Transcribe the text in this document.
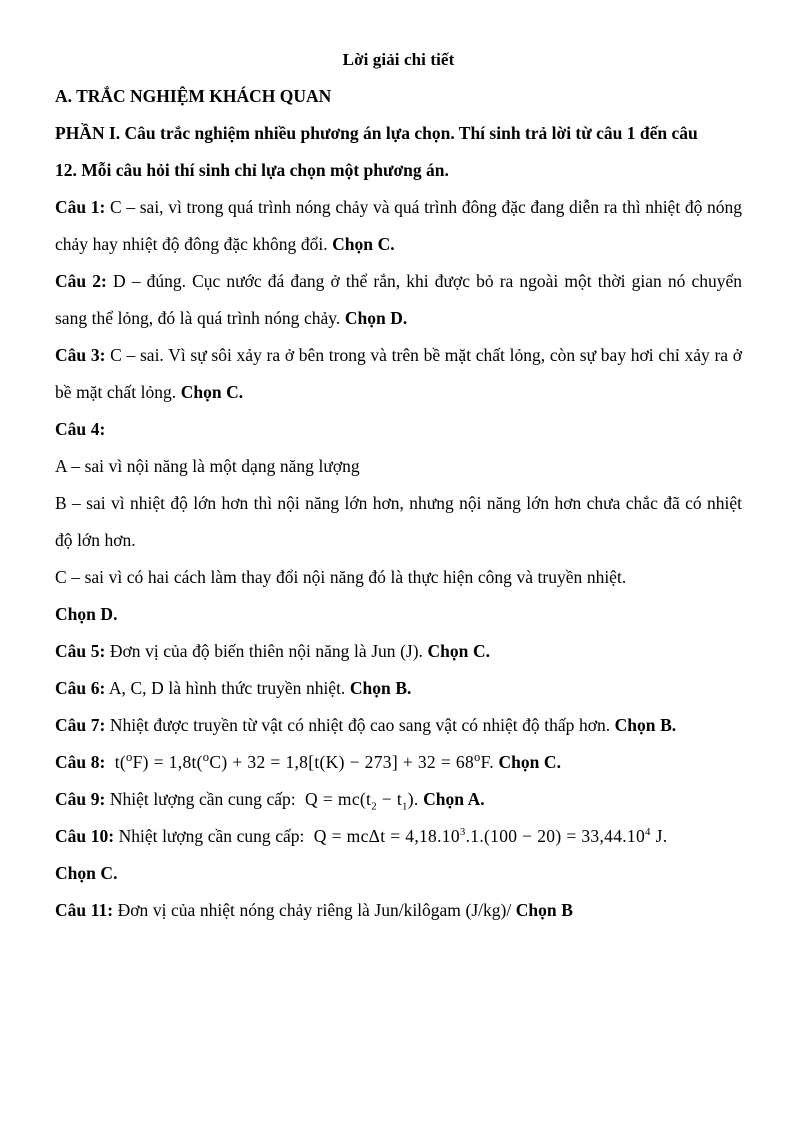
Lời giải chi tiết
A. TRẮC NGHIỆM KHÁCH QUAN
PHẦN I. Câu trắc nghiệm nhiều phương án lựa chọn. Thí sinh trả lời từ câu 1 đến câu 12. Mỗi câu hỏi thí sinh chỉ lựa chọn một phương án.

Câu 1: C – sai, vì trong quá trình nóng chảy và quá trình đông đặc đang diễn ra thì nhiệt độ nóng chảy hay nhiệt độ đông đặc không đổi. Chọn C.

Câu 2: D – đúng. Cục nước đá đang ở thể rắn, khi được bỏ ra ngoài một thời gian nó chuyển sang thể lỏng, đó là quá trình nóng chảy. Chọn D.

Câu 3: C – sai. Vì sự sôi xảy ra ở bên trong và trên bề mặt chất lỏng, còn sự bay hơi chỉ xảy ra ở bề mặt chất lỏng. Chọn C.

Câu 4:

A – sai vì nội năng là một dạng năng lượng

B – sai vì nhiệt độ lớn hơn thì nội năng lớn hơn, nhưng nội năng lớn hơn chưa chắc đã có nhiệt độ lớn hơn.

C – sai vì có hai cách làm thay đổi nội năng đó là thực hiện công và truyền nhiệt.

Chọn D.

Câu 5: Đơn vị của độ biến thiên nội năng là Jun (J). Chọn C.

Câu 6: A, C, D là hình thức truyền nhiệt. Chọn B.

Câu 7: Nhiệt được truyền từ vật có nhiệt độ cao sang vật có nhiệt độ thấp hơn. Chọn B.

Câu 8: $t(^oF) = 1,8t(^oC) + 32 = 1,8[t(K) - 273] + 32 = 68^oF$. Chọn C.

Câu 9: Nhiệt lượng cần cung cấp: $Q = mc(t_2 - t_1)$. Chọn A.

Câu 10: Nhiệt lượng cần cung cấp: $Q = mc\Delta t = 4,18.10^3.1.(100 - 20) = 33,44.10^4$ J.

Chọn C.

Câu 11: Đơn vị của nhiệt nóng chảy riêng là Jun/kilôgam (J/kg)/ Chọn B
